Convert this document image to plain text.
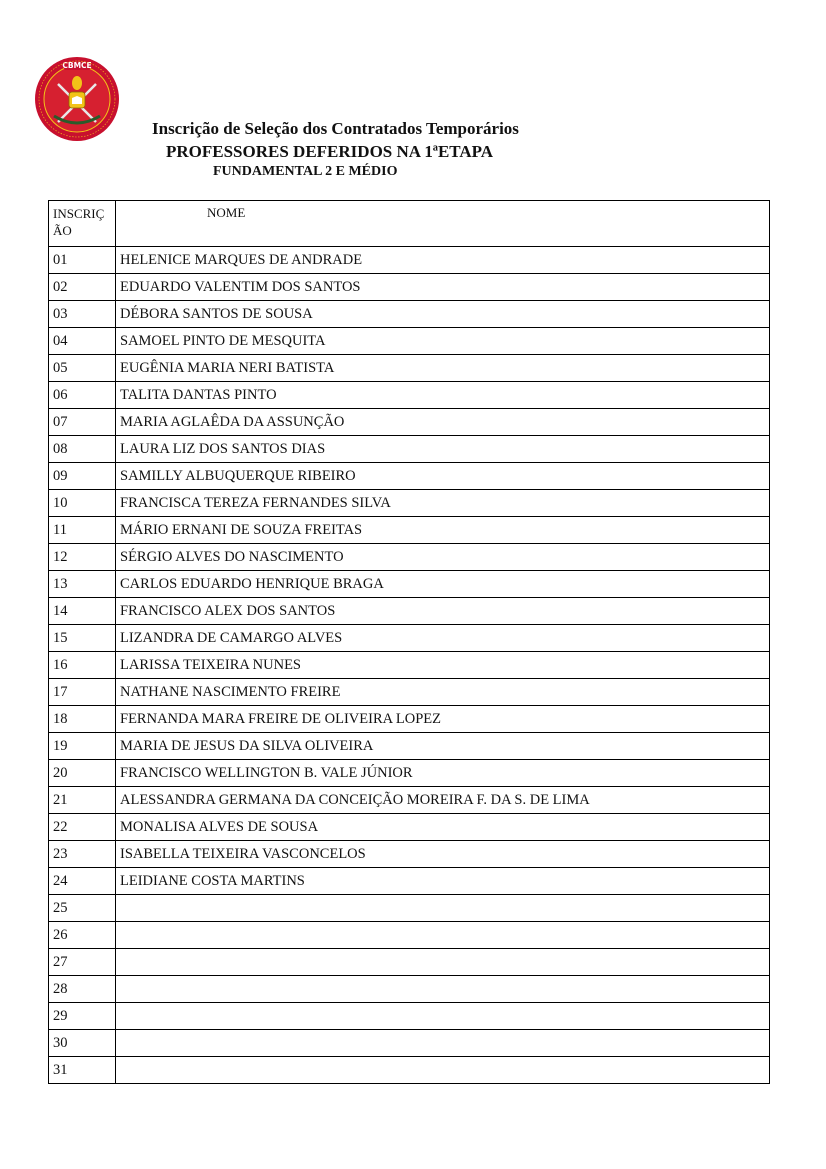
CBMCE
Inscrição de Seleção dos Contratados Temporários
PROFESSORES DEFERIDOS NA 1ªETAPA
FUNDAMENTAL 2 E MÉDIO
INSCRIÇÃO	NOME
01	HELENICE MARQUES DE ANDRADE
02	EDUARDO VALENTIM DOS SANTOS
03	DÉBORA SANTOS DE SOUSA
04	SAMOEL PINTO DE MESQUITA
05	EUGÊNIA MARIA NERI BATISTA
06	TALITA DANTAS PINTO
07	MARIA AGLAÊDA DA ASSUNÇÃO
08	LAURA LIZ DOS SANTOS DIAS
09	SAMILLY ALBUQUERQUE RIBEIRO
10	FRANCISCA TEREZA FERNANDES SILVA
11	MÁRIO ERNANI DE SOUZA FREITAS
12	SÉRGIO ALVES DO NASCIMENTO
13	CARLOS EDUARDO HENRIQUE BRAGA
14	FRANCISCO ALEX DOS SANTOS
15	LIZANDRA DE CAMARGO ALVES
16	LARISSA TEIXEIRA NUNES
17	NATHANE NASCIMENTO FREIRE
18	FERNANDA MARA FREIRE DE OLIVEIRA LOPEZ
19	MARIA DE JESUS DA SILVA OLIVEIRA
20	FRANCISCO WELLINGTON B. VALE JÚNIOR
21	ALESSANDRA GERMANA DA CONCEIÇÃO MOREIRA F. DA S. DE LIMA
22	MONALISA ALVES DE SOUSA
23	ISABELLA TEIXEIRA VASCONCELOS
24	LEIDIANE COSTA MARTINS
25	
26	
27	
28	
29	
30	
31	
